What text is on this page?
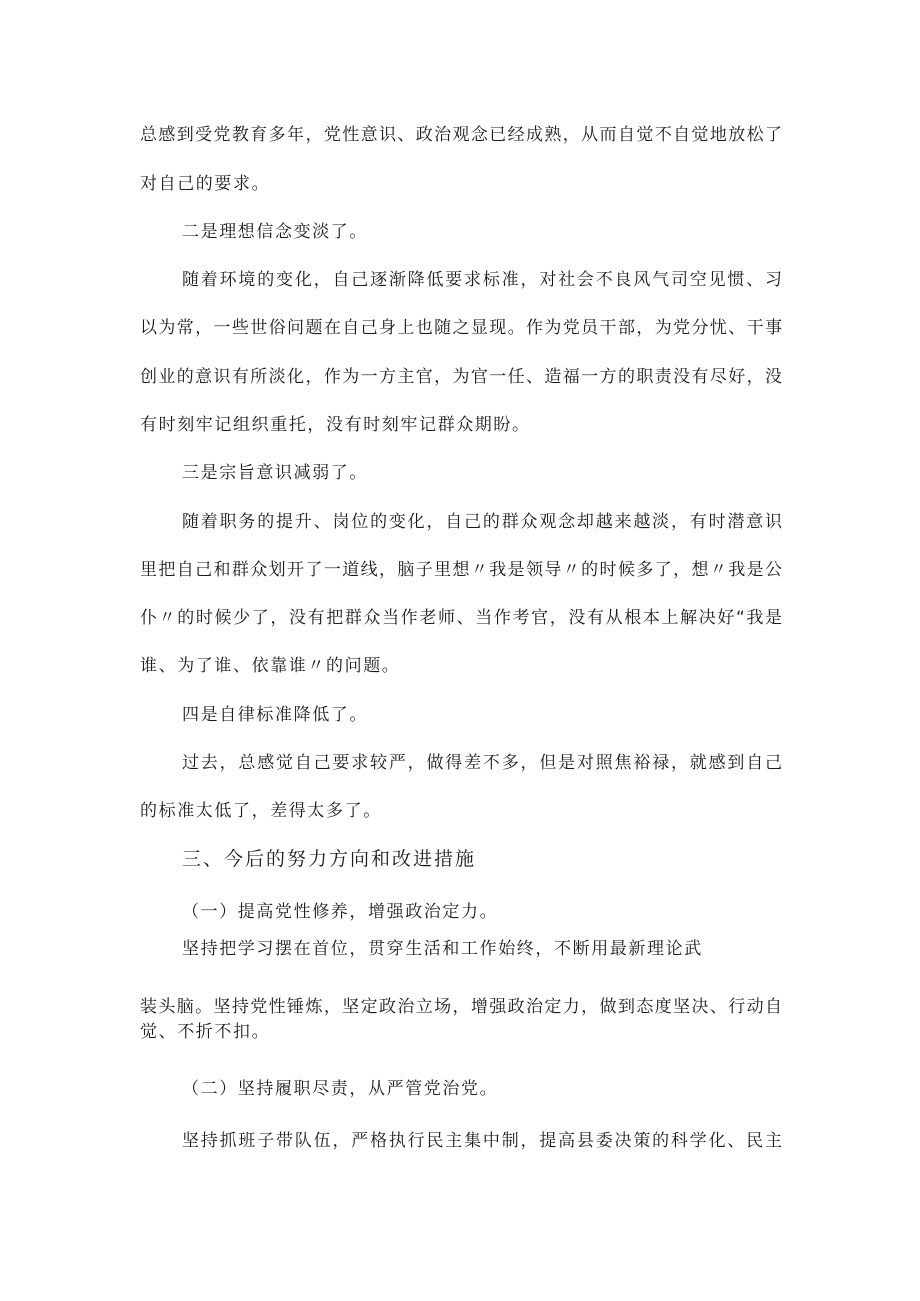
总感到受党教育多年，党性意识、政治观念已经成熟，从而自觉不自觉地放松了
对自己的要求。
二是理想信念变淡了。
随着环境的变化，自己逐渐降低要求标准，对社会不良风气司空见惯、习
以为常，一些世俗问题在自己身上也随之显现。作为党员干部，为党分忧、干事
创业的意识有所淡化，作为一方主官，为官一任、造福一方的职责没有尽好，没
有时刻牢记组织重托，没有时刻牢记群众期盼。
三是宗旨意识减弱了。
随着职务的提升、岗位的变化，自己的群众观念却越来越淡，有时潜意识
里把自己和群众划开了一道线，脑子里想〃我是领导〃的时候多了，想〃我是公
仆〃的时候少了，没有把群众当作老师、当作考官，没有从根本上解决好“我是
谁、为了谁、依靠谁〃的问题。
四是自律标准降低了。
过去，总感觉自己要求较严，做得差不多，但是对照焦裕禄，就感到自己
的标准太低了，差得太多了。
三、今后的努力方向和改进措施
（一）提高党性修养，增强政治定力。
坚持把学习摆在首位，贯穿生活和工作始终，不断用最新理论武
装头脑。坚持党性锤炼，坚定政治立场，增强政治定力，做到态度坚决、行动自
觉、不折不扣。
（二）坚持履职尽责，从严管党治党。
坚持抓班子带队伍，严格执行民主集中制，提高县委决策的科学化、民主
